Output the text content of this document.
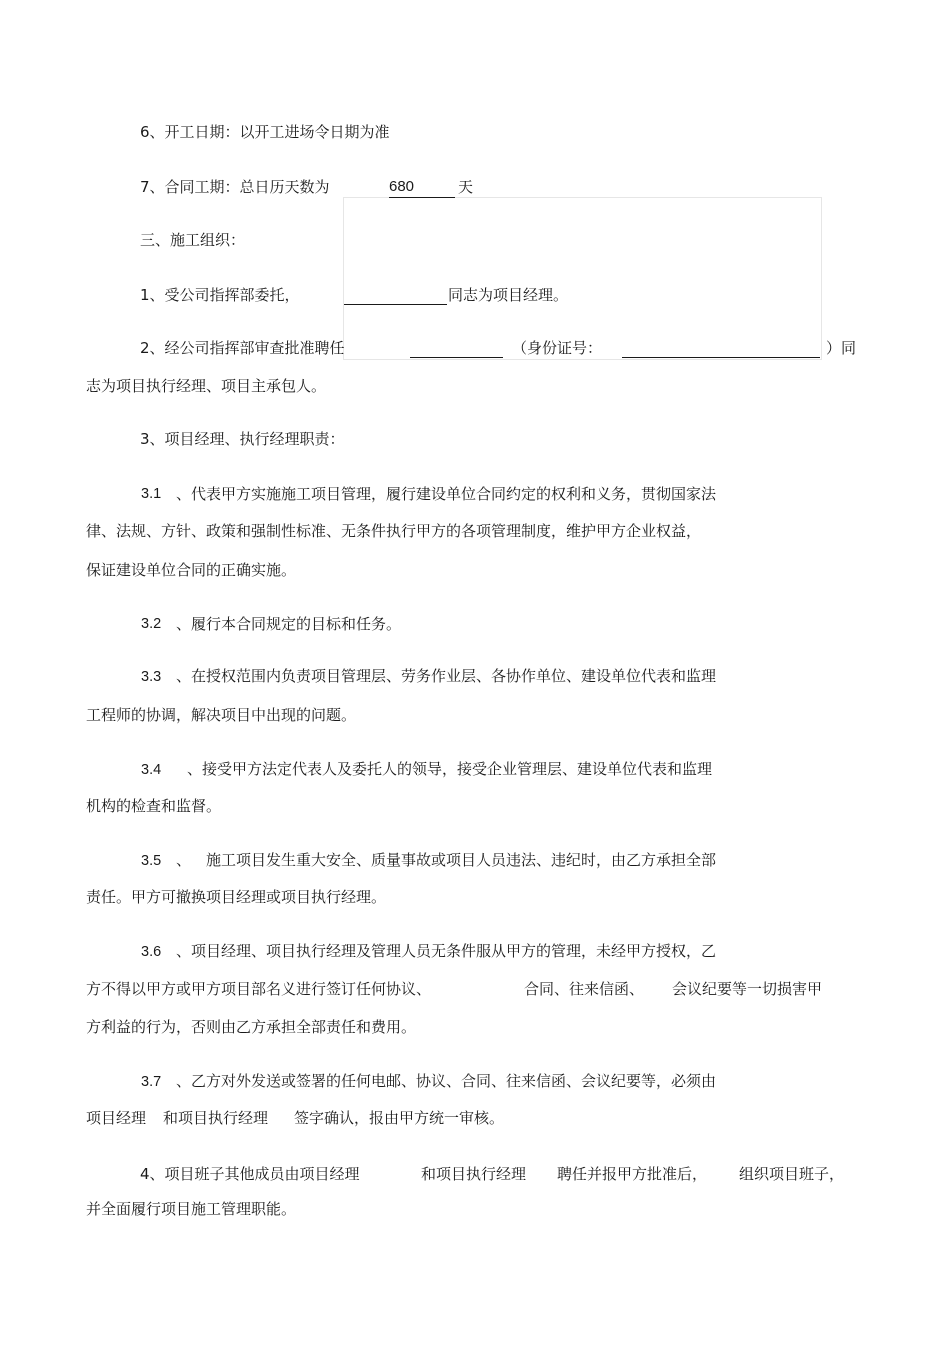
6、开工日期：以开工进场令日期为准
7、合同工期：总日历天数为	680	天
三、施工组织：
1、受公司指挥部委托，	同志为项目经理。
2、经公司指挥部审查批准聘任	（身份证号：	）同
志为项目执行经理、项目主承包人。
3、项目经理、执行经理职责：
3.1 、代表甲方实施施工项目管理，履行建设单位合同约定的权利和义务，贯彻国家法
律、法规、方针、政策和强制性标准、无条件执行甲方的各项管理制度，维护甲方企业权益，
保证建设单位合同的正确实施。
3.2 、履行本合同规定的目标和任务。
3.3 、在授权范围内负责项目管理层、劳务作业层、各协作单位、建设单位代表和监理
工程师的协调，解决项目中出现的问题。
3.4 、接受甲方法定代表人及委托人的领导，接受企业管理层、建设单位代表和监理
机构的检查和监督。
3.5 、 施工项目发生重大安全、质量事故或项目人员违法、违纪时，由乙方承担全部
责任。甲方可撤换项目经理或项目执行经理。
3.6 、项目经理、项目执行经理及管理人员无条件服从甲方的管理，未经甲方授权，乙
方不得以甲方或甲方项目部名义进行签订任何协议、	合同、往来信函、 会议纪要等一切损害甲
方利益的行为，否则由乙方承担全部责任和费用。
3.7 、乙方对外发送或签署的任何电邮、协议、合同、往来信函、会议纪要等，必须由
项目经理 和项目执行经理 签字确认，报由甲方统一审核。
4、项目班子其他成员由项目经理	和项目执行经理 聘任并报甲方批准后， 组织项目班子，
并全面履行项目施工管理职能。
